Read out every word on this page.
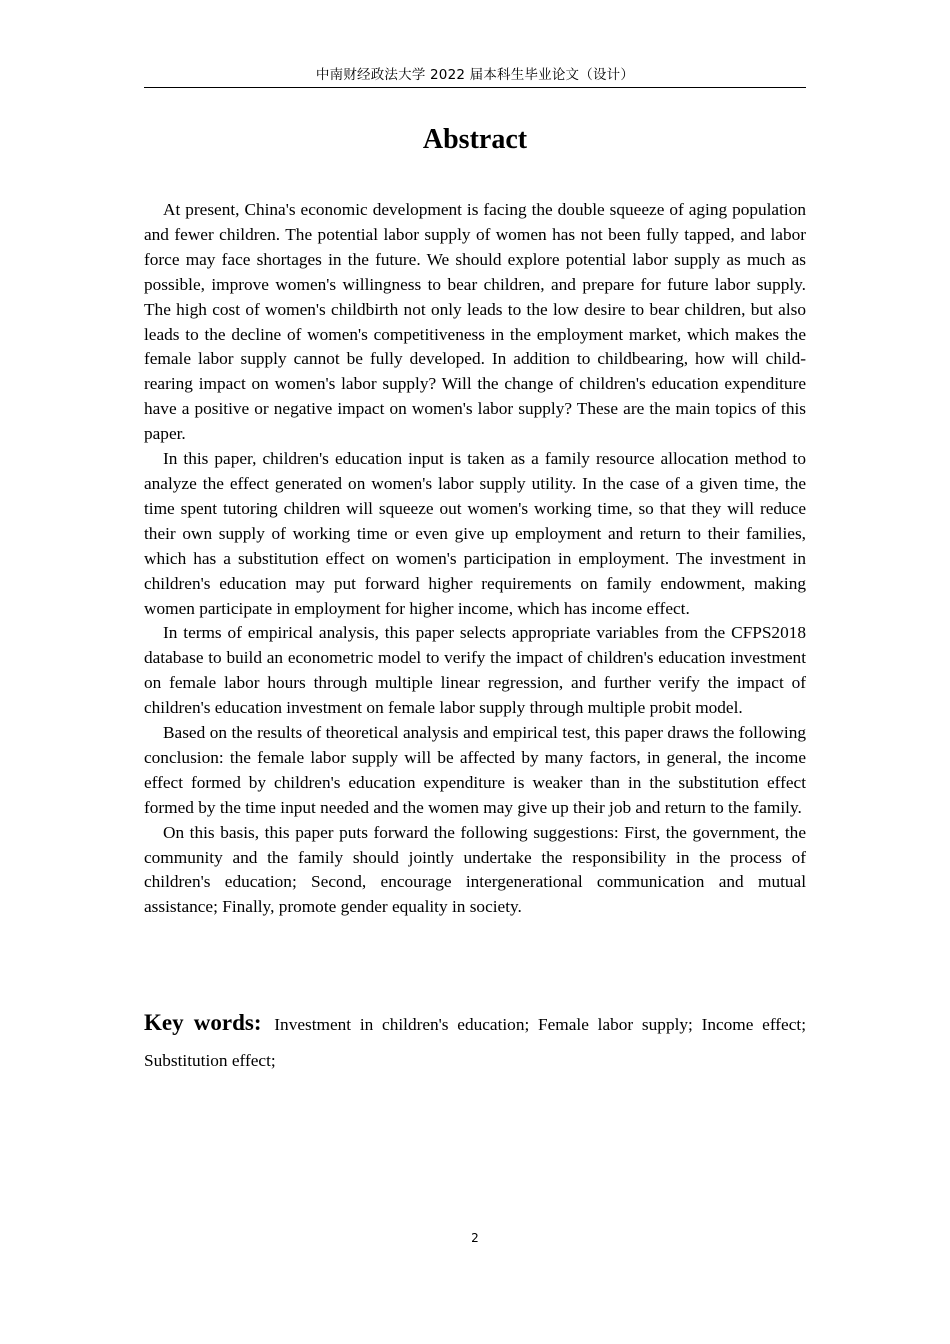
中南财经政法大学 2022 届本科生毕业论文（设计）
Abstract

At present, China's economic development is facing the double squeeze of aging population and fewer children. The potential labor supply of women has not been fully tapped, and labor force may face shortages in the future. We should explore potential labor supply as much as possible, improve women's willingness to bear children, and prepare for future labor supply. The high cost of women's childbirth not only leads to the low desire to bear children, but also leads to the decline of women's competitiveness in the employment market, which makes the female labor supply cannot be fully developed. In addition to childbearing, how will child-rearing impact on women's labor supply? Will the change of children's education expenditure have a positive or negative impact on women's labor supply? These are the main topics of this paper.

In this paper, children's education input is taken as a family resource allocation method to analyze the effect generated on women's labor supply utility. In the case of a given time, the time spent tutoring children will squeeze out women's working time, so that they will reduce their own supply of working time or even give up employment and return to their families, which has a substitution effect on women's participation in employment. The investment in children's education may put forward higher requirements on family endowment, making women participate in employment for higher income, which has income effect.

In terms of empirical analysis, this paper selects appropriate variables from the CFPS2018 database to build an econometric model to verify the impact of children's education investment on female labor hours through multiple linear regression, and further verify the impact of children's education investment on female labor supply through multiple probit model.

Based on the results of theoretical analysis and empirical test, this paper draws the following conclusion: the female labor supply will be affected by many factors, in general, the income effect formed by children's education expenditure is weaker than in the substitution effect formed by the time input needed and the women may give up their job and return to the family.

On this basis, this paper puts forward the following suggestions: First, the government, the community and the family should jointly undertake the responsibility in the process of children's education; Second, encourage intergenerational communication and mutual assistance; Finally, promote gender equality in society.

Key words: Investment in children's education; Female labor supply; Income effect; Substitution effect;
2
